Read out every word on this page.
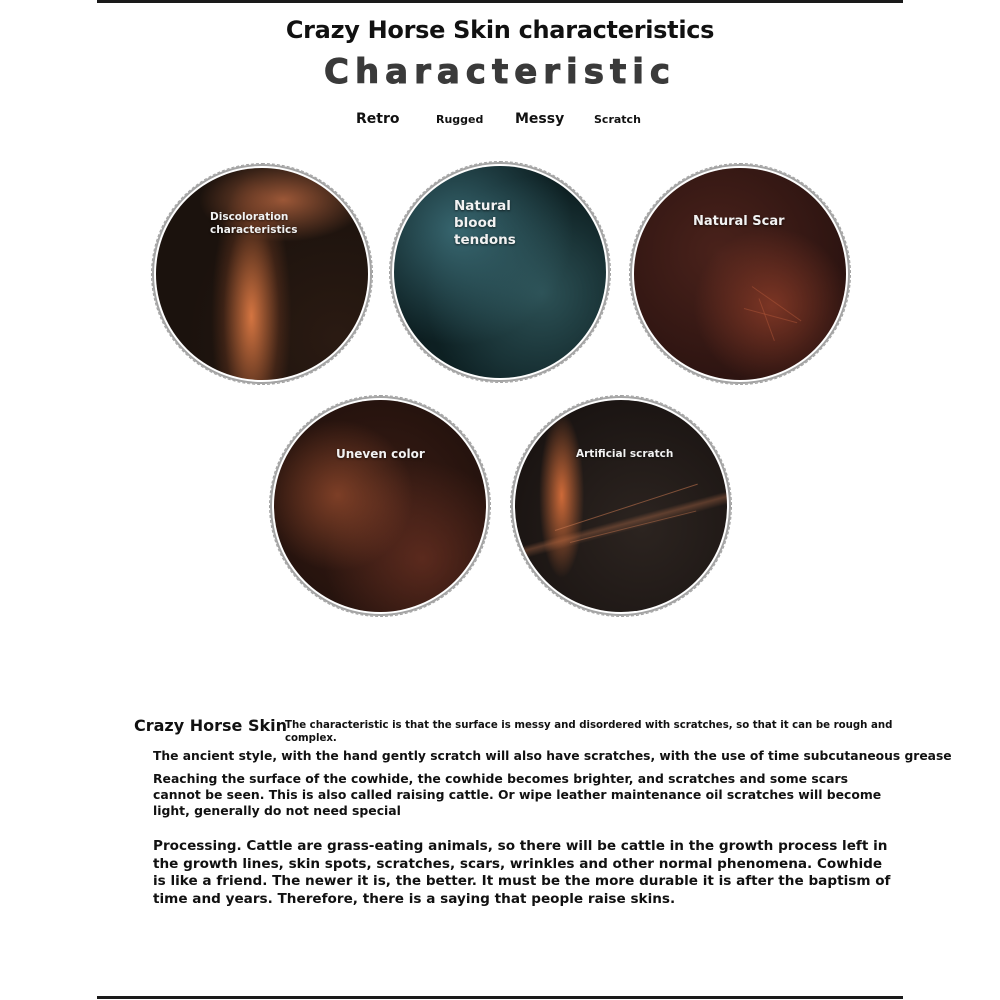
Crazy Horse Skin characteristics
Characteristic
Retro	Rugged Messy	Scratch
Discoloration characteristics
Natural blood tendons
Natural Scar
Uneven color	Artificial scratch
Crazy Horse Skin
The characteristic is that the surface is messy and disordered with scratches, so that it can be rough and
complex.
The ancient style, with the hand gently scratch will also have scratches, with the use of time subcutaneous grease
Reaching the surface of the cowhide, the cowhide becomes brighter, and scratches and some scars
cannot be seen. This is also called raising cattle. Or wipe leather maintenance oil scratches will become
light, generally do not need special
Processing. Cattle are grass-eating animals, so there will be cattle in the growth process left in
the growth lines, skin spots, scratches, scars, wrinkles and other normal phenomena. Cowhide
is like a friend. The newer it is, the better. It must be the more durable it is after the baptism of
time and years. Therefore, there is a saying that people raise skins.
